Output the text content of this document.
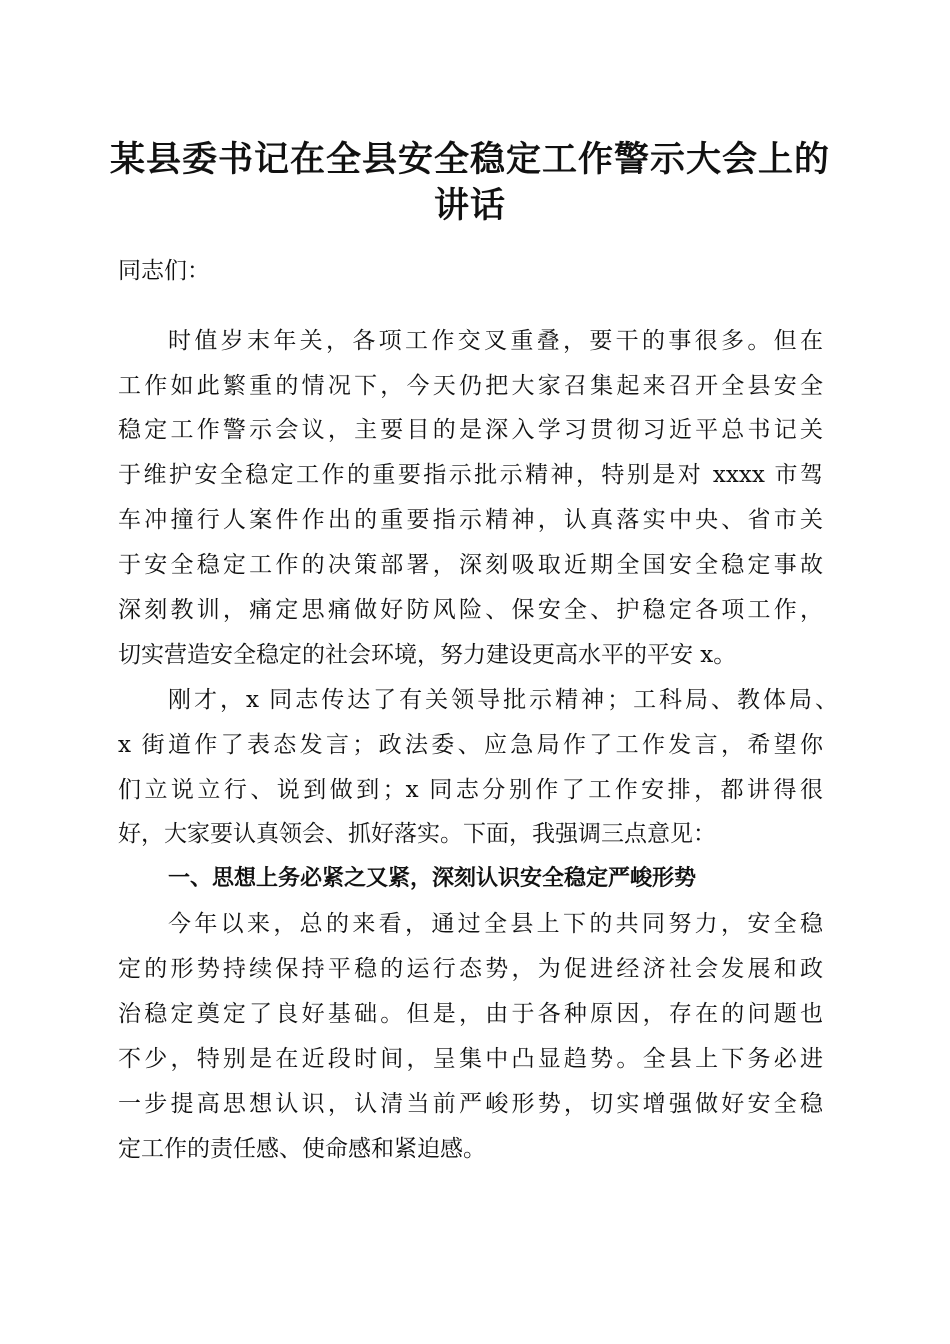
某县委书记在全县安全稳定工作警示大会上的
讲话
同志们：
时值岁末年关，各项工作交叉重叠，要干的事很多。但在
工作如此繁重的情况下，今天仍把大家召集起来召开全县安全
稳定工作警示会议，主要目的是深入学习贯彻习近平总书记关
于维护安全稳定工作的重要指示批示精神，特别是对 xxxx 市驾
车冲撞行人案件作出的重要指示精神，认真落实中央、省市关
于安全稳定工作的决策部署，深刻吸取近期全国安全稳定事故
深刻教训，痛定思痛做好防风险、保安全、护稳定各项工作，
切实营造安全稳定的社会环境，努力建设更高水平的平安 x。
刚才，x 同志传达了有关领导批示精神；工科局、教体局、
x 街道作了表态发言；政法委、应急局作了工作发言，希望你
们立说立行、说到做到；x 同志分别作了工作安排，都讲得很
好，大家要认真领会、抓好落实。下面，我强调三点意见：
一、思想上务必紧之又紧，深刻认识安全稳定严峻形势
今年以来，总的来看，通过全县上下的共同努力，安全稳
定的形势持续保持平稳的运行态势，为促进经济社会发展和政
治稳定奠定了良好基础。但是，由于各种原因，存在的问题也
不少，特别是在近段时间，呈集中凸显趋势。全县上下务必进
一步提高思想认识，认清当前严峻形势，切实增强做好安全稳
定工作的责任感、使命感和紧迫感。
